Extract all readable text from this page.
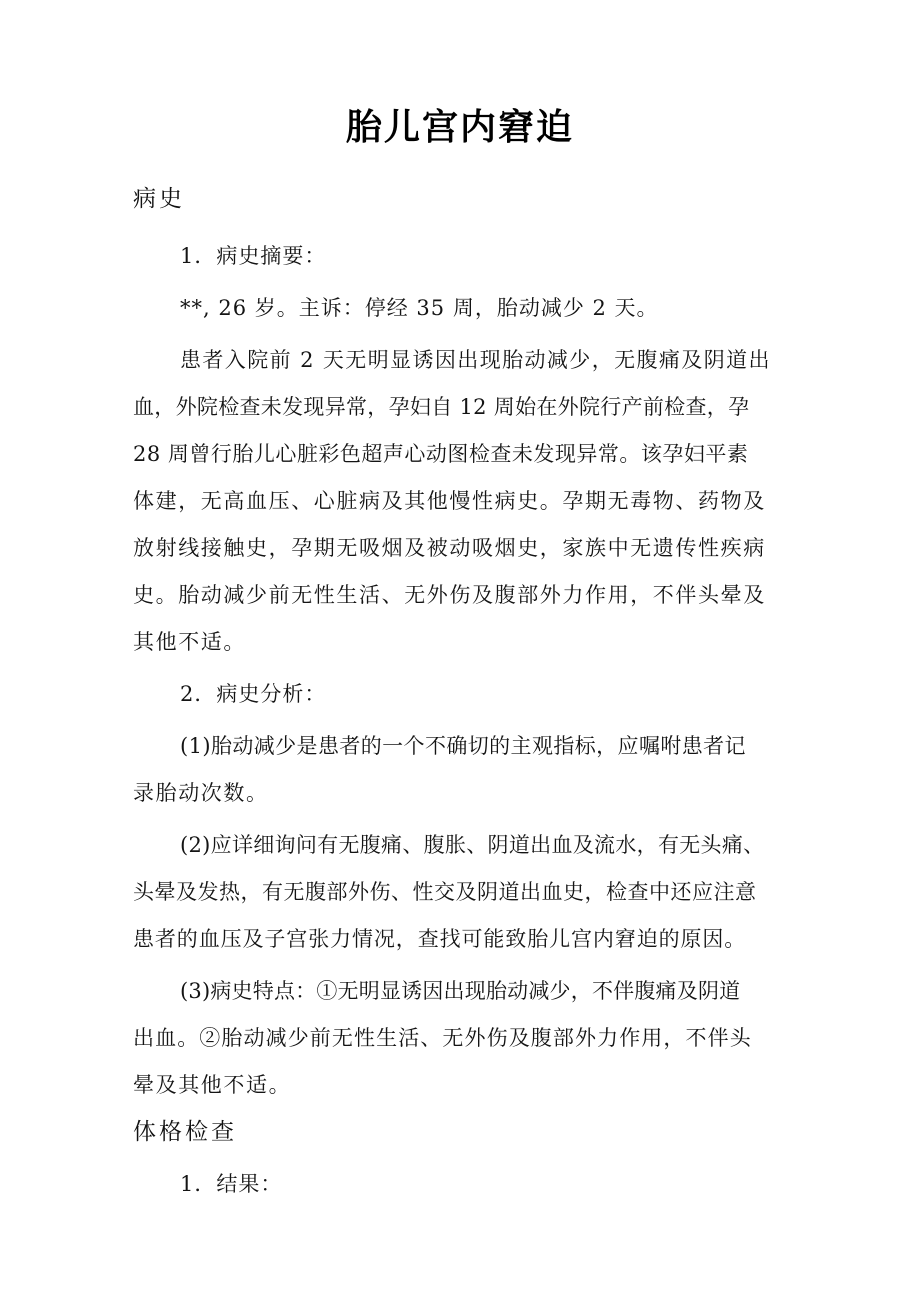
胎儿宫内窘迫
病史
1．病史摘要：
**, 26 岁。主诉：停经 35 周，胎动减少 2 天。
患者入院前 2 天无明显诱因出现胎动减少，无腹痛及阴道出
血，外院检查未发现异常，孕妇自 12 周始在外院行产前检查，孕
28 周曾行胎儿心脏彩色超声心动图检查未发现异常。该孕妇平素
体建，无高血压、心脏病及其他慢性病史。孕期无毒物、药物及
放射线接触史，孕期无吸烟及被动吸烟史，家族中无遗传性疾病
史。胎动减少前无性生活、无外伤及腹部外力作用，不伴头晕及
其他不适。
2．病史分析：
(1)胎动减少是患者的一个不确切的主观指标，应嘱咐患者记
录胎动次数。
(2)应详细询问有无腹痛、腹胀、阴道出血及流水，有无头痛、
头晕及发热，有无腹部外伤、性交及阴道出血史，检查中还应注意
患者的血压及子宫张力情况，查找可能致胎儿宫内窘迫的原因。
(3)病史特点：①无明显诱因出现胎动减少，不伴腹痛及阴道
出血。②胎动减少前无性生活、无外伤及腹部外力作用，不伴头
晕及其他不适。
体格检查
1．结果：
